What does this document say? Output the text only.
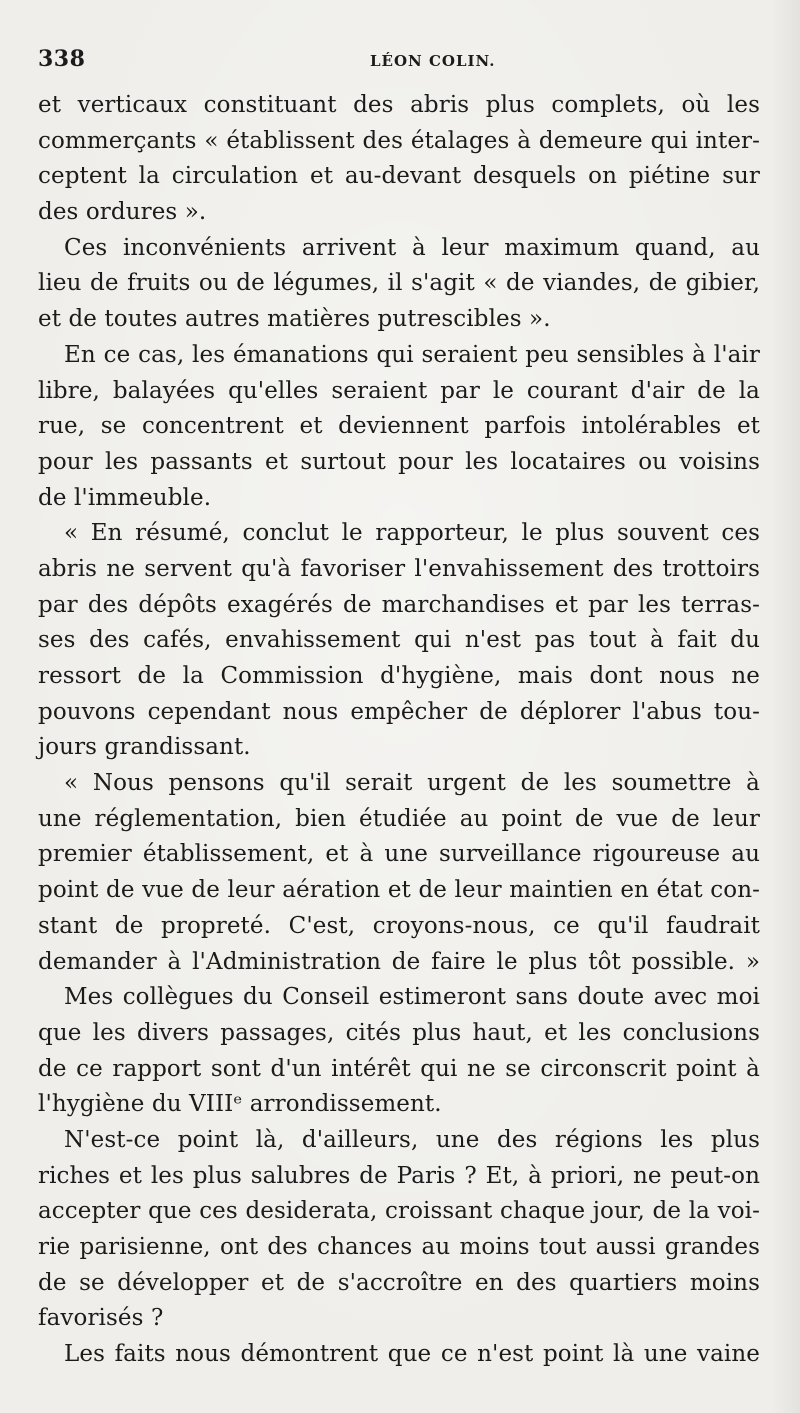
338	LÉON COLIN.
et verticaux constituant des abris plus complets, où les
commerçants « établissent des étalages à demeure qui inter-
ceptent la circulation et au-devant desquels on piétine sur
des ordures ».
Ces inconvénients arrivent à leur maximum quand, au
lieu de fruits ou de légumes, il s'agit « de viandes, de gibier,
et de toutes autres matières putrescibles ».
En ce cas, les émanations qui seraient peu sensibles à l'air
libre, balayées qu'elles seraient par le courant d'air de la
rue, se concentrent et deviennent parfois intolérables et
pour les passants et surtout pour les locataires ou voisins
de l'immeuble.
« En résumé, conclut le rapporteur, le plus souvent ces
abris ne servent qu'à favoriser l'envahissement des trottoirs
par des dépôts exagérés de marchandises et par les terras-
ses des cafés, envahissement qui n'est pas tout à fait du
ressort de la Commission d'hygiène, mais dont nous ne
pouvons cependant nous empêcher de déplorer l'abus tou-
jours grandissant.
« Nous pensons qu'il serait urgent de les soumettre à
une réglementation, bien étudiée au point de vue de leur
premier établissement, et à une surveillance rigoureuse au
point de vue de leur aération et de leur maintien en état con-
stant de propreté. C'est, croyons-nous, ce qu'il faudrait
demander à l'Administration de faire le plus tôt possible. »
Mes collègues du Conseil estimeront sans doute avec moi
que les divers passages, cités plus haut, et les conclusions
de ce rapport sont d'un intérêt qui ne se circonscrit point à
l'hygiène du VIIIᵉ arrondissement.
N'est-ce point là, d'ailleurs, une des régions les plus
riches et les plus salubres de Paris ? Et, à priori, ne peut-on
accepter que ces desiderata, croissant chaque jour, de la voi-
rie parisienne, ont des chances au moins tout aussi grandes
de se développer et de s'accroître en des quartiers moins
favorisés ?
Les faits nous démontrent que ce n'est point là une vaine
